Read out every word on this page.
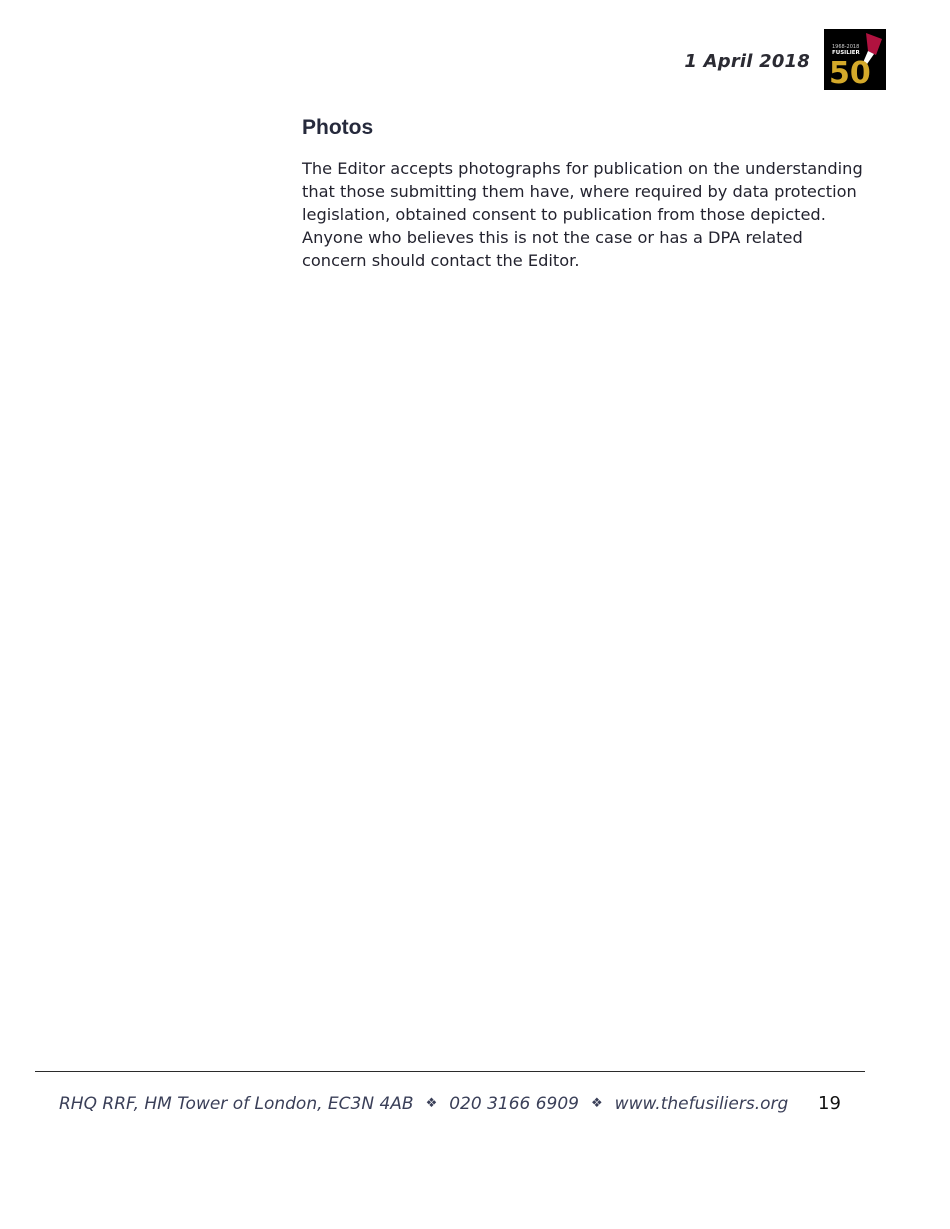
1 April 2018
1968-2018
FUSILIER
50
Photos

The Editor accepts photographs for publication on the understanding that those submitting them have, where required by data protection legislation, obtained consent to publication from those depicted. Anyone who believes this is not the case or has a DPA related concern should contact the Editor.

RHQ RRF, HM Tower of London, EC3N 4AB ❖ 020 3166 6909 ❖ www.thefusiliers.org 19
